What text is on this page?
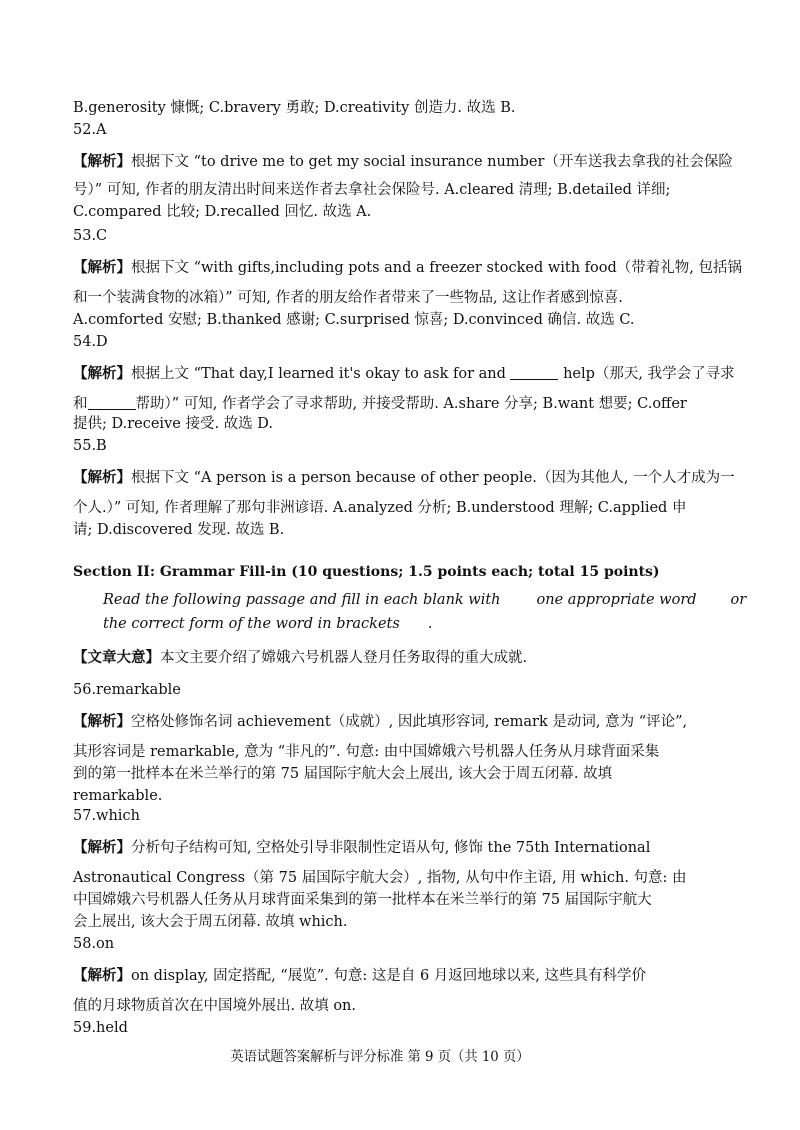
B.generosity 慷慨; C.bravery 勇敢; D.creativity 创造力. 故选 B.
52.A
【解析】根据下文 “to drive me to get my social insurance number（开车送我去拿我的社会保险
号）” 可知, 作者的朋友清出时间来送作者去拿社会保险号. A.cleared 清理; B.detailed 详细;
C.compared 比较; D.recalled 回忆. 故选 A.
53.C
【解析】根据下文 “with gifts,including pots and a freezer stocked with food（带着礼物, 包括锅
和一个装满食物的冰箱）” 可知, 作者的朋友给作者带来了一些物品, 这让作者感到惊喜.
A.comforted 安慰; B.thanked 感谢; C.surprised 惊喜; D.convinced 确信. 故选 C.
54.D
【解析】根据上文 “That day,I learned it's okay to ask for and	help（那天, 我学会了寻求
和	帮助）” 可知, 作者学会了寻求帮助, 并接受帮助. A.share 分享; B.want 想要; C.offer
提供; D.receive 接受. 故选 D.
55.B
【解析】根据下文 “A person is a person because of other people.（因为其他人, 一个人才成为一
个人.）” 可知, 作者理解了那句非洲谚语. A.analyzed 分析; B.understood 理解; C.applied 申
请; D.discovered 发现. 故选 B.
Section II: Grammar Fill-in (10 questions; 1.5 points each; total 15 points)
Read the following passage and fill in each blank with one appropriate word or
the correct form of the word in brackets .
【文章大意】本文主要介绍了嫦娥六号机器人登月任务取得的重大成就.
56.remarkable
【解析】空格处修饰名词 achievement（成就）, 因此填形容词, remark 是动词, 意为 “评论”,
其形容词是 remarkable, 意为 “非凡的”. 句意: 由中国嫦娥六号机器人任务从月球背面采集
到的第一批样本在米兰举行的第 75 届国际宇航大会上展出, 该大会于周五闭幕. 故填
remarkable.
57.which
【解析】分析句子结构可知, 空格处引导非限制性定语从句, 修饰 the 75th International
Astronautical Congress（第 75 届国际宇航大会）, 指物, 从句中作主语, 用 which. 句意: 由
中国嫦娥六号机器人任务从月球背面采集到的第一批样本在米兰举行的第 75 届国际宇航大
会上展出, 该大会于周五闭幕. 故填 which.
58.on
【解析】on display, 固定搭配, “展览”. 句意: 这是自 6 月返回地球以来, 这些具有科学价
值的月球物质首次在中国境外展出. 故填 on.
59.held
英语试题答案解析与评分标准 第 9 页（共 10 页）
